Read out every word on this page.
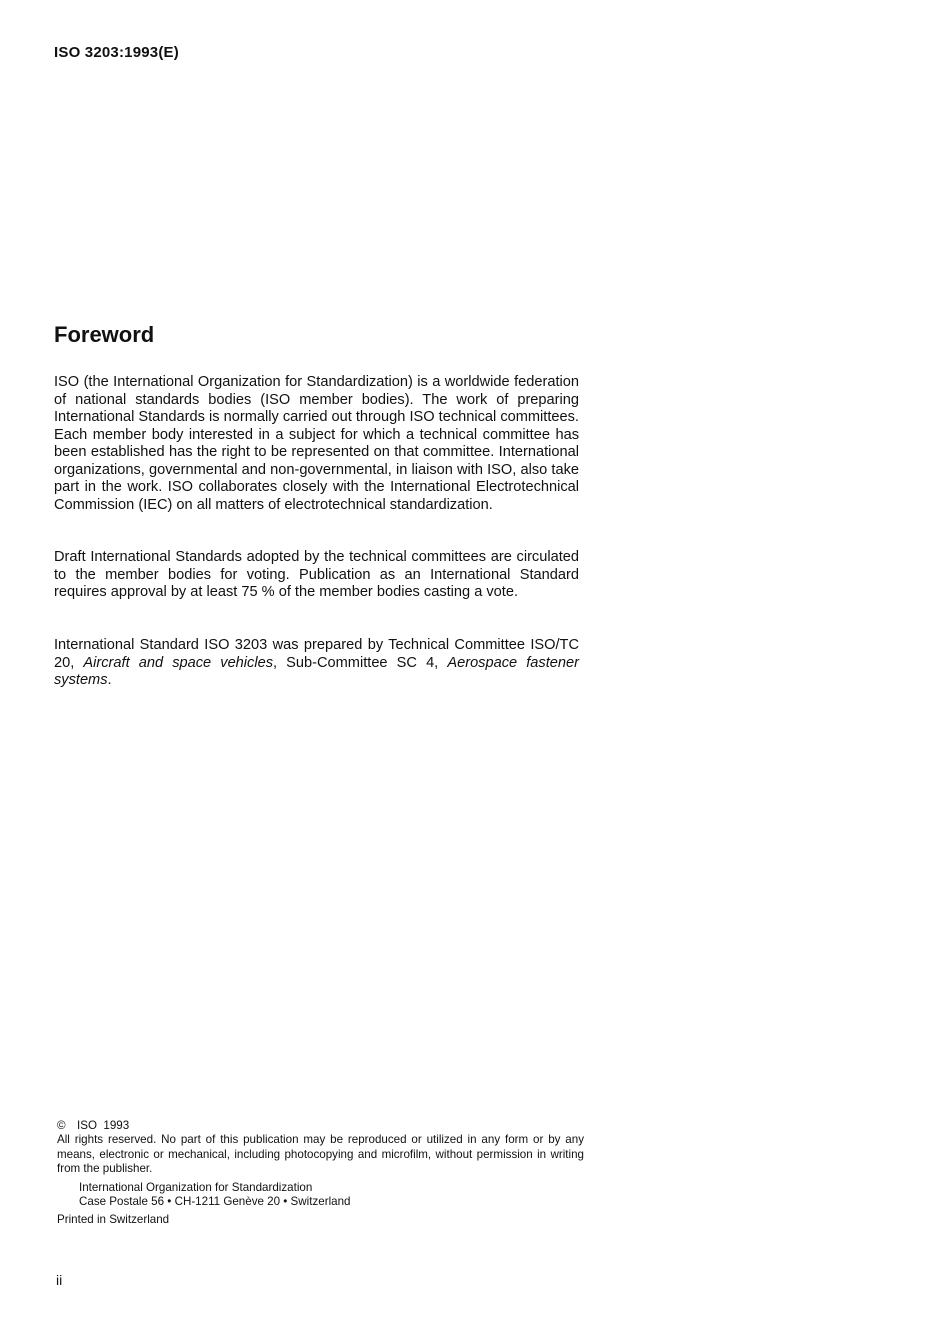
ISO 3203:1993(E)

Foreword

ISO (the International Organization for Standardization) is a worldwide federation of national standards bodies (ISO member bodies). The work of preparing International Standards is normally carried out through ISO technical committees. Each member body interested in a subject for which a technical committee has been established has the right to be represented on that committee. International organizations, governmental and non-governmental, in liaison with ISO, also take part in the work. ISO collaborates closely with the International Electrotechnical Commission (IEC) on all matters of electrotechnical standardization.

Draft International Standards adopted by the technical committees are circulated to the member bodies for voting. Publication as an International Standard requires approval by at least 75 % of the member bodies casting a vote.

International Standard ISO 3203 was prepared by Technical Committee ISO/TC 20, Aircraft and space vehicles, Sub-Committee SC 4, Aerospace fastener systems.

© ISO  1993

All rights reserved. No part of this publication may be reproduced or utilized in any form or by any means, electronic or mechanical, including photocopying and microfilm, without permission in writing from the publisher.

International Organization for Standardization

Case Postale 56 • CH-1211 Genève 20 • Switzerland

Printed in Switzerland

ii
